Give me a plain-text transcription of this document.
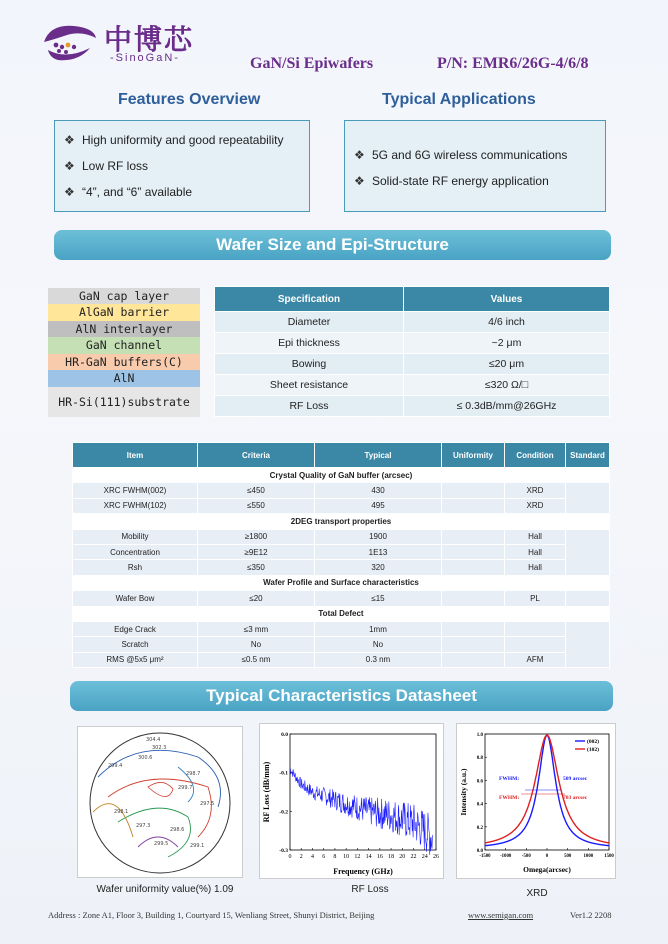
中博芯
-SinoGaN-	GaN/Si Epiwafers	P/N: EMR6/26G-4/6/8
Features Overview	Typical Applications
❖ High uniformity and good repeatability
❖ Low RF loss
❖ “4”, and “6” available
❖ 5G and 6G wireless communications
❖ Solid-state RF energy application
Wafer Size and Epi-Structure
GaN cap layer
AlGaN barrier
AlN interlayer
GaN channel
HR-GaN buffers(C)
AlN
HR-Si(111)substrate
Specification	Values
Diameter	4/6 inch
Epi thickness	~2 μm
Bowing	≤20 μm
Sheet resistance	≤320 Ω/□
RF Loss	≤ 0.3dB/mm@26GHz
Item	Criteria	Typical	Uniformity	Condition	Standard
Crystal Quality of GaN buffer (arcsec)					
XRC FWHM(002)	≤450	430		XRD	
XRC FWHM(102)	≤550	495		XRD	
2DEG transport properties					
Mobility	≥1800	1900		Hall	
Concentration	≥9E12	1E13		Hall	
Rsh	≤350	320		Hall	
Wafer Profile and Surface characteristics					
Wafer Bow	≤20	≤15		PL	
Total Defect					
Edge Crack	≤3 mm	1mm			
Scratch	No	No			
RMS @5x5 μm²	≤0.5 nm	0.3 nm		AFM	
Typical Characteristics Datasheet
304.4
302.3
300.6
299.4
298.7
299.7
297.5
298.1
297.3
298.6
299.5	299.1
Wafer uniformity value(%) 1.09
0 2 4 6 8 10 12 14 16 18 20 22 24 26
0.0
-0.1
-0.2
-0.3
Frequency (GHz)
RF Loss (dB/mm)
RF Loss
-1500 -1000 -500	0	500	1000 1500
0.0
0.2
0.4
0.6
0.8
1.0
(002)
(102)
FWHM:
FWHM:
509 arcsec
703 arcsec
Omega(arcsec)
Intensity (a.u.)
XRD
Address : Zone A1, Floor 3, Building 1, Courtyard 15, Wenliang Street, Shunyi District, Beijing	www.semigan.com	Ver1.2 2208
